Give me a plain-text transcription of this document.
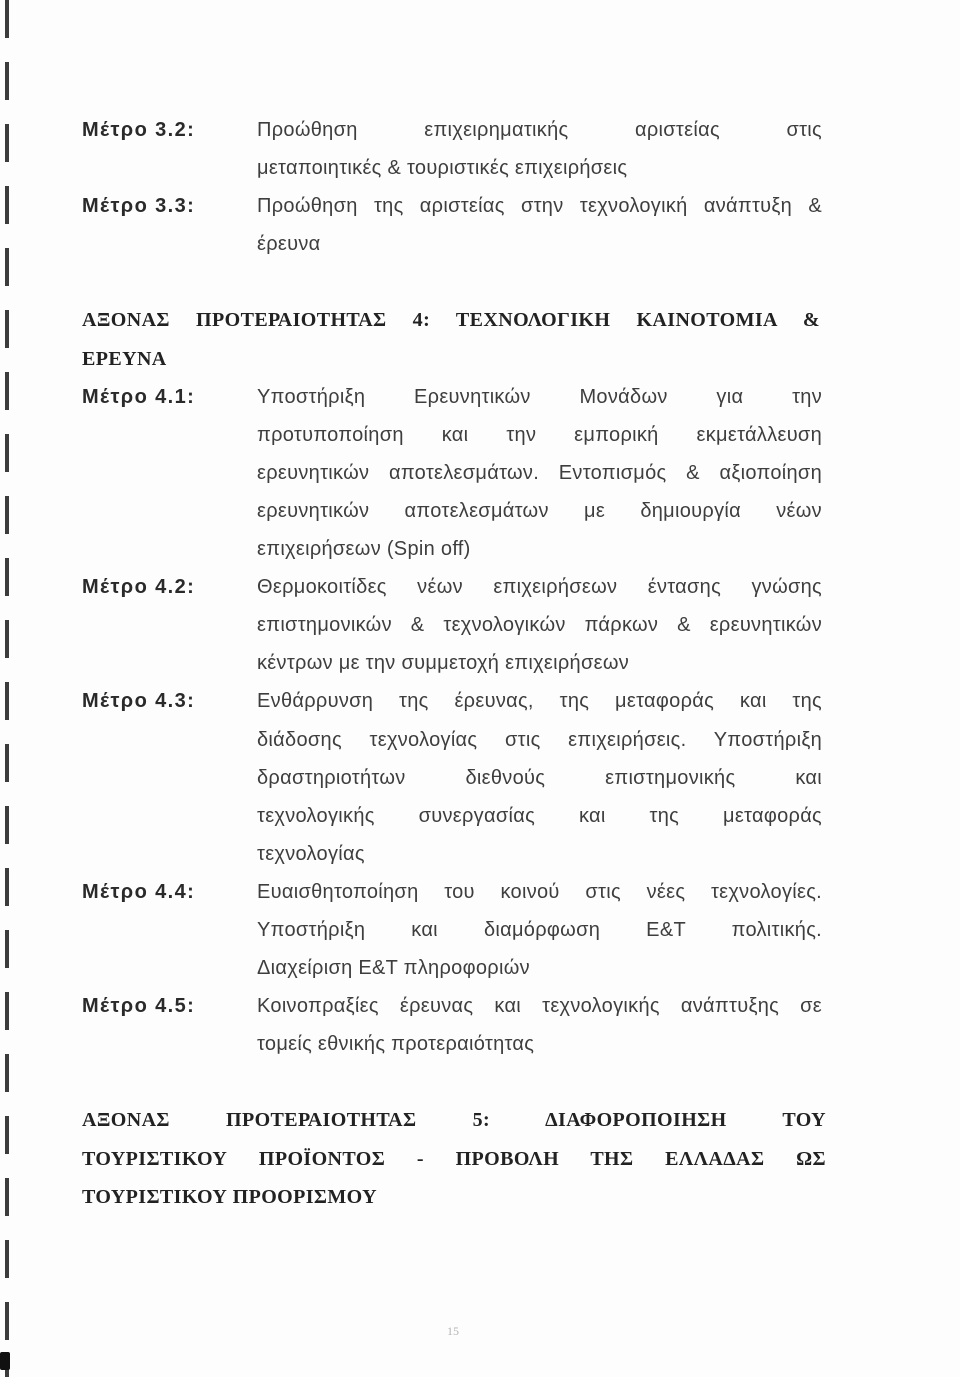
Μέτρο 3.2:	Προώθηση επιχειρηματικής αριστείας στις
μεταποιητικές & τουριστικές επιχειρήσεις
Μέτρο 3.3:	Προώθηση της αριστείας στην τεχνολογική ανάπτυξη &
έρευνα
ΑΞΟΝΑΣ ΠΡΟΤΕΡΑΙΟΤΗΤΑΣ 4: ΤΕΧΝΟΛΟΓΙΚΗ ΚΑΙΝΟΤΟΜΙΑ &
ΕΡΕΥΝΑ
Μέτρο 4.1:	Υποστήριξη Ερευνητικών Μονάδων για την
προτυποποίηση και την εμπορική εκμετάλλευση
ερευνητικών αποτελεσμάτων. Εντοπισμός & αξιοποίηση
ερευνητικών αποτελεσμάτων με δημιουργία νέων
επιχειρήσεων (Spin off)
Μέτρο 4.2:	Θερμοκοιτίδες νέων επιχειρήσεων έντασης γνώσης
επιστημονικών & τεχνολογικών πάρκων & ερευνητικών
κέντρων με την συμμετοχή επιχειρήσεων
Μέτρο 4.3:	Ενθάρρυνση της έρευνας, της μεταφοράς και της
διάδοσης τεχνολογίας στις επιχειρήσεις. Υποστήριξη
δραστηριοτήτων διεθνούς επιστημονικής και
τεχνολογικής συνεργασίας και της μεταφοράς
τεχνολογίας
Μέτρο 4.4:	Ευαισθητοποίηση του κοινού στις νέες τεχνολογίες.
Υποστήριξη και διαμόρφωση Ε&Τ πολιτικής.
Διαχείριση Ε&Τ πληροφοριών
Μέτρο 4.5:	Κοινοπραξίες έρευνας και τεχνολογικής ανάπτυξης σε
τομείς εθνικής προτεραιότητας
ΑΞΟΝΑΣ ΠΡΟΤΕΡΑΙΟΤΗΤΑΣ 5: ΔΙΑΦΟΡΟΠΟΙΗΣΗ ΤΟΥ
ΤΟΥΡΙΣΤΙΚΟΥ ΠΡΟΪΟΝΤΟΣ - ΠΡΟΒΟΛΗ ΤΗΣ ΕΛΛΑΔΑΣ ΩΣ
ΤΟΥΡΙΣΤΙΚΟΥ ΠΡΟΟΡΙΣΜΟΥ
15
